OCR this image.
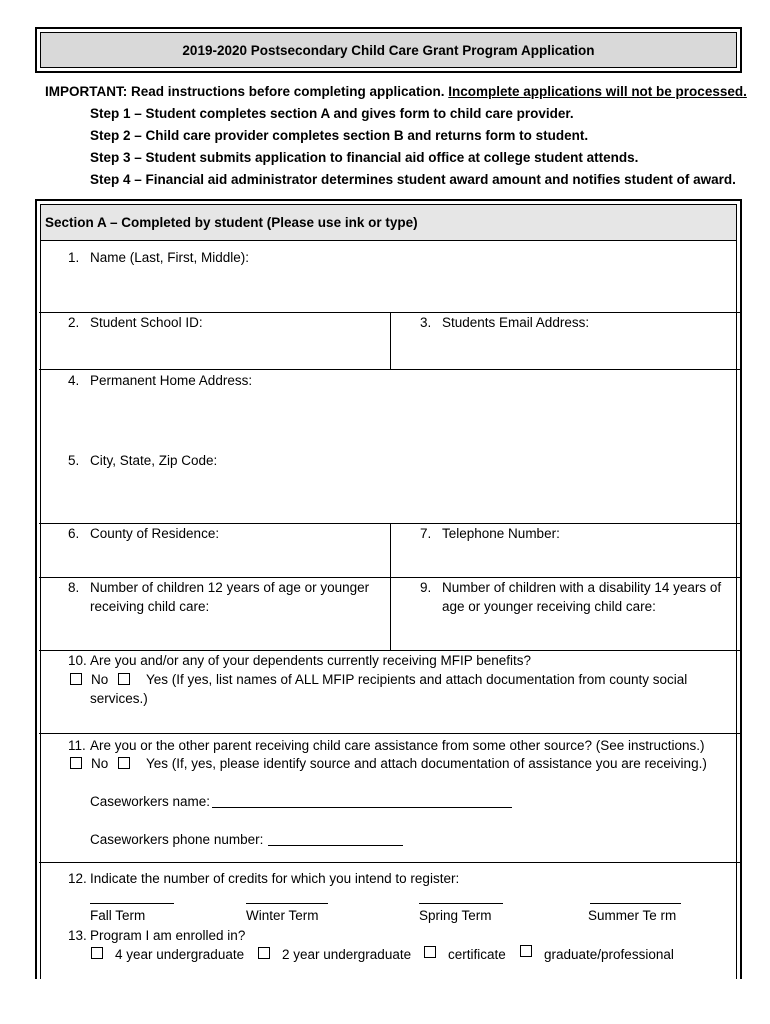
2019-2020 Postsecondary Child Care Grant Program Application
IMPORTANT: Read instructions before completing application. Incomplete applications will not be processed.
Step 1 – Student completes section A and gives form to child care provider.
Step 2 – Child care provider completes section B and returns form to student.
Step 3 – Student submits application to financial aid office at college student attends.
Step 4 – Financial aid administrator determines student award amount and notifies student of award.
Section A – Completed by student (Please use ink or type)
1. Name (Last, First, Middle):
2. Student School ID:	3. Students Email Address:
4. Permanent Home Address:
5. City, State, Zip Code:
6. County of Residence:	7. Telephone Number:
8. Number of children 12 years of age or younger
receiving child care:
9. Number of children with a disability 14 years of
age or younger receiving child care:
10. Are you and/or any of your dependents currently receiving MFIP benefits?
No	Yes (If yes, list names of ALL MFIP recipients and attach documentation from county social
services.)
11. Are you or the other parent receiving child care assistance from some other source? (See instructions.)
No	Yes (If, yes, please identify source and attach documentation of assistance you are receiving.)
Caseworkers name:
Caseworkers phone number:
12. Indicate the number of credits for which you intend to register:
Fall Term	Winter Term	Spring Term	Summer Te rm
13. Program I am enrolled in?
4 year undergraduate	2 year undergraduate	certificate	graduate/professional
